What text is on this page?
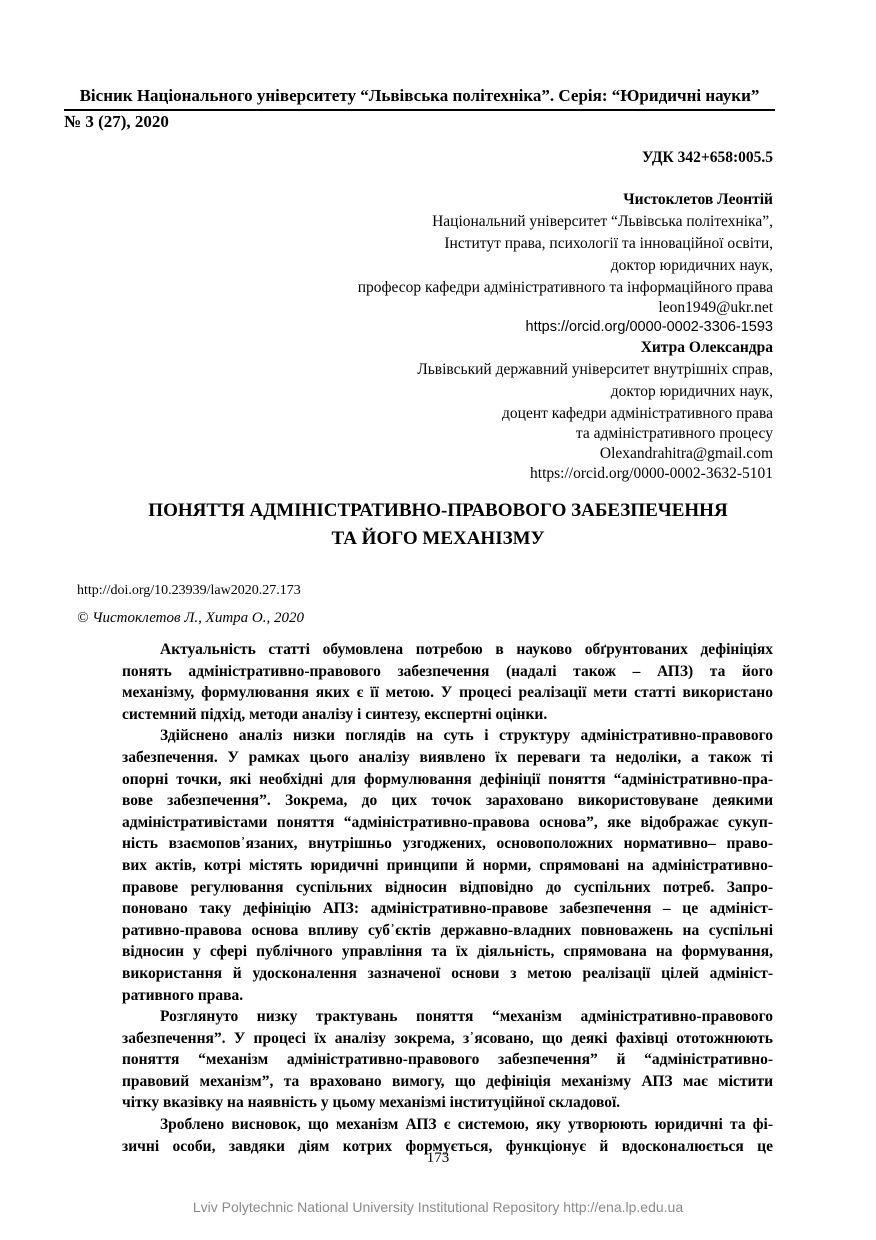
Вісник Національного університету “Львівська політехніка”. Серія: “Юридичні науки”
№ 3 (27), 2020
УДК 342+658:005.5
Чистоклетов Леонтій
Національний університет “Львівська політехніка”,
Інститут права, психології та інноваційної освіти,
доктор юридичних наук,
професор кафедри адміністративного та інформаційного права
leon1949@ukr.net
https://orcid.org/0000-0002-3306-1593
Хитра Олександра
Львівський державний університет внутрішніх справ,
доктор юридичних наук,
доцент кафедри адміністративного права
та адміністративного процесу
Olexandrahitra@gmail.com
https://orcid.org/0000-0002-3632-5101
ПОНЯТТЯ АДМІНІСТРАТИВНО-ПРАВОВОГО ЗАБЕЗПЕЧЕННЯ
ТА ЙОГО МЕХАНІЗМУ
http://doi.org/10.23939/law2020.27.173
© Чистоклетов Л., Хитра О., 2020
Актуальність статті обумовлена потребою в науково обґрунтованих дефініціях
понять адміністративно-правового забезпечення (надалі також – АПЗ) та його
механізму, формулювання яких є її метою. У процесі реалізації мети статті використано
системний підхід, методи аналізу і синтезу, експертні оцінки.
Здійснено аналіз низки поглядів на суть і структуру адміністративно-правового
забезпечення. У рамках цього аналізу виявлено їх переваги та недоліки, а також ті
опорні точки, які необхідні для формулювання дефініції поняття “адміністративно-пра-
вове забезпечення”. Зокрема, до цих точок зараховано використовуване деякими
адміністративістами поняття “адміністративно-правова основа”, яке відображає сукуп-
ність взаємопов᾽язаних, внутрішньо узгоджених, основоположних нормативно– право-
вих актів, котрі містять юридичні принципи й норми, спрямовані на адміністративно-
правове регулювання суспільних відносин відповідно до суспільних потреб. Запро-
поновано таку дефініцію АПЗ: адміністративно-правове забезпечення – це адмініст-
ративно-правова основа впливу суб᾽єктів державно-владних повноважень на суспільні
відносин у сфері публічного управління та їх діяльність, спрямована на формування,
використання й удосконалення зазначеної основи з метою реалізації цілей адмініст-
ративного права.
Розглянуто низку трактувань поняття “механізм адміністративно-правового
забезпечення”. У процесі їх аналізу зокрема, з᾽ясовано, що деякі фахівці ототожнюють
поняття “механізм адміністративно-правового забезпечення” й “адміністративно-
правовий механізм”, та враховано вимогу, що дефініція механізму АПЗ має містити
чітку вказівку на наявність у цьому механізмі інституційної складової.
Зроблено висновок, що механізм АПЗ є системою, яку утворюють юридичні та фі-
зичні особи, завдяки діям котрих формується, функціонує й вдосконалюється це
173
Lviv Polytechnic National University Institutional Repository http://ena.lp.edu.ua
